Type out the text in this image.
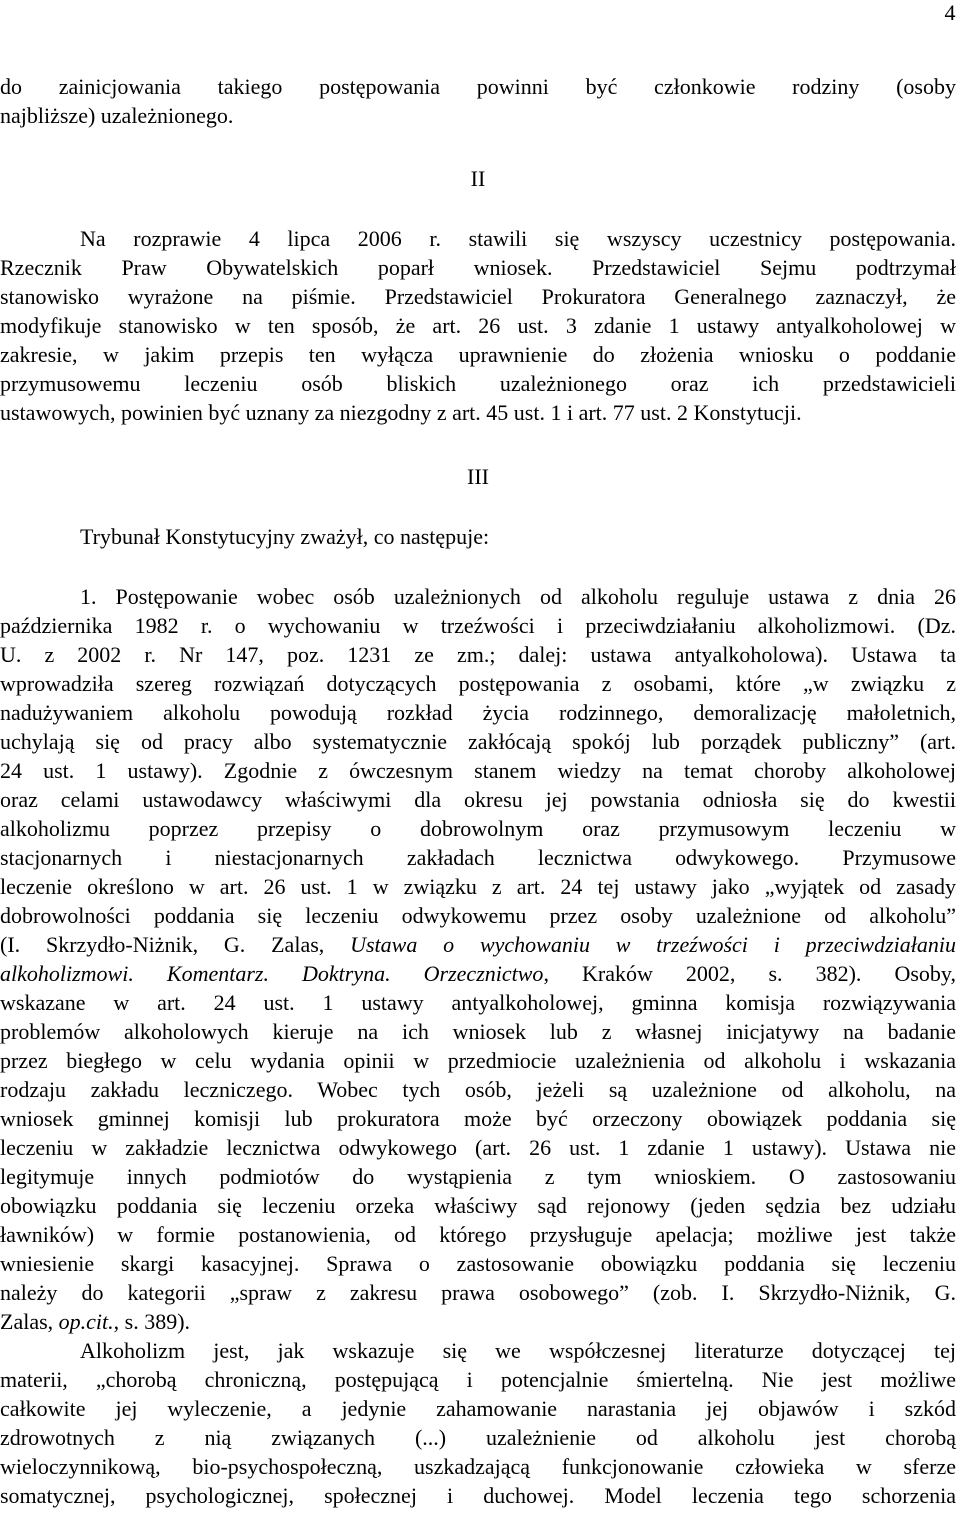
4
do zainicjowania takiego postępowania powinni być członkowie rodziny (osoby
najbliższe) uzależnionego.
II
Na rozprawie 4 lipca 2006 r. stawili się wszyscy uczestnicy postępowania.
Rzecznik Praw Obywatelskich poparł wniosek. Przedstawiciel Sejmu podtrzymał
stanowisko wyrażone na piśmie. Przedstawiciel Prokuratora Generalnego zaznaczył, że
modyfikuje stanowisko w ten sposób, że art. 26 ust. 3 zdanie 1 ustawy antyalkoholowej w
zakresie, w jakim przepis ten wyłącza uprawnienie do złożenia wniosku o poddanie
przymusowemu leczeniu osób bliskich uzależnionego oraz ich przedstawicieli
ustawowych, powinien być uznany za niezgodny z art. 45 ust. 1 i art. 77 ust. 2 Konstytucji.
III
Trybunał Konstytucyjny zważył, co następuje:
1. Postępowanie wobec osób uzależnionych od alkoholu reguluje ustawa z dnia 26
października 1982 r. o wychowaniu w trzeźwości i przeciwdziałaniu alkoholizmowi. (Dz.
U. z 2002 r. Nr 147, poz. 1231 ze zm.; dalej: ustawa antyalkoholowa). Ustawa ta
wprowadziła szereg rozwiązań dotyczących postępowania z osobami, które „w związku z
nadużywaniem alkoholu powodują rozkład życia rodzinnego, demoralizację małoletnich,
uchylają się od pracy albo systematycznie zakłócają spokój lub porządek publiczny” (art.
24 ust. 1 ustawy). Zgodnie z ówczesnym stanem wiedzy na temat choroby alkoholowej
oraz celami ustawodawcy właściwymi dla okresu jej powstania odniosła się do kwestii
alkoholizmu poprzez przepisy o dobrowolnym oraz przymusowym leczeniu w
stacjonarnych i niestacjonarnych zakładach lecznictwa odwykowego. Przymusowe
leczenie określono w art. 26 ust. 1 w związku z art. 24 tej ustawy jako „wyjątek od zasady
dobrowolności poddania się leczeniu odwykowemu przez osoby uzależnione od alkoholu”
(I. Skrzydło-Niżnik, G. Zalas, Ustawa o wychowaniu w trzeźwości i przeciwdziałaniu
alkoholizmowi. Komentarz. Doktryna. Orzecznictwo, Kraków 2002, s. 382). Osoby,
wskazane w art. 24 ust. 1 ustawy antyalkoholowej, gminna komisja rozwiązywania
problemów alkoholowych kieruje na ich wniosek lub z własnej inicjatywy na badanie
przez biegłego w celu wydania opinii w przedmiocie uzależnienia od alkoholu i wskazania
rodzaju zakładu leczniczego. Wobec tych osób, jeżeli są uzależnione od alkoholu, na
wniosek gminnej komisji lub prokuratora może być orzeczony obowiązek poddania się
leczeniu w zakładzie lecznictwa odwykowego (art. 26 ust. 1 zdanie 1 ustawy). Ustawa nie
legitymuje innych podmiotów do wystąpienia z tym wnioskiem. O zastosowaniu
obowiązku poddania się leczeniu orzeka właściwy sąd rejonowy (jeden sędzia bez udziału
ławników) w formie postanowienia, od którego przysługuje apelacja; możliwe jest także
wniesienie skargi kasacyjnej. Sprawa o zastosowanie obowiązku poddania się leczeniu
należy do kategorii „spraw z zakresu prawa osobowego” (zob. I. Skrzydło-Niżnik, G.
Zalas, op.cit., s. 389).
Alkoholizm jest, jak wskazuje się we współczesnej literaturze dotyczącej tej
materii, „chorobą chroniczną, postępującą i potencjalnie śmiertelną. Nie jest możliwe
całkowite jej wyleczenie, a jedynie zahamowanie narastania jej objawów i szkód
zdrowotnych z nią związanych (...) uzależnienie od alkoholu jest chorobą
wieloczynnikową, bio-psychospołeczną, uszkadzającą funkcjonowanie człowieka w sferze
somatycznej, psychologicznej, społecznej i duchowej. Model leczenia tego schorzenia
